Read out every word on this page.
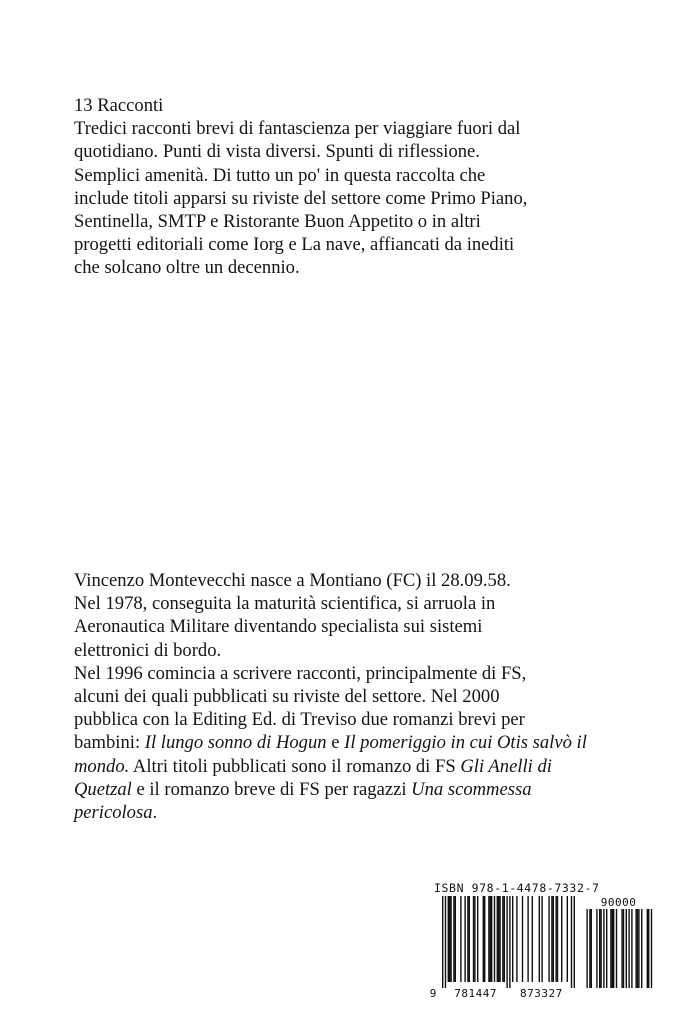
13 Racconti
Tredici racconti brevi di fantascienza per viaggiare fuori dal
quotidiano. Punti di vista diversi. Spunti di riflessione.
Semplici amenità. Di tutto un po' in questa raccolta che
include titoli apparsi su riviste del settore come Primo Piano,
Sentinella, SMTP e Ristorante Buon Appetito o in altri
progetti editoriali come Iorg e La nave, affiancati da inediti
che solcano oltre un decennio.
Vincenzo Montevecchi nasce a Montiano (FC) il 28.09.58.
Nel 1978, conseguita la maturità scientifica, si arruola in
Aeronautica Militare diventando specialista sui sistemi
elettronici di bordo.
Nel 1996 comincia a scrivere racconti, principalmente di FS,
alcuni dei quali pubblicati su riviste del settore. Nel 2000
pubblica con la Editing Ed. di Treviso due romanzi brevi per
bambini: Il lungo sonno di Hogun e Il pomeriggio in cui Otis salvò il
mondo. Altri titoli pubblicati sono il romanzo di FS Gli Anelli di
Quetzal e il romanzo breve di FS per ragazzi Una scommessa
pericolosa.
ISBN 978-1-4478-7332-7
9 781447 873327
90000
